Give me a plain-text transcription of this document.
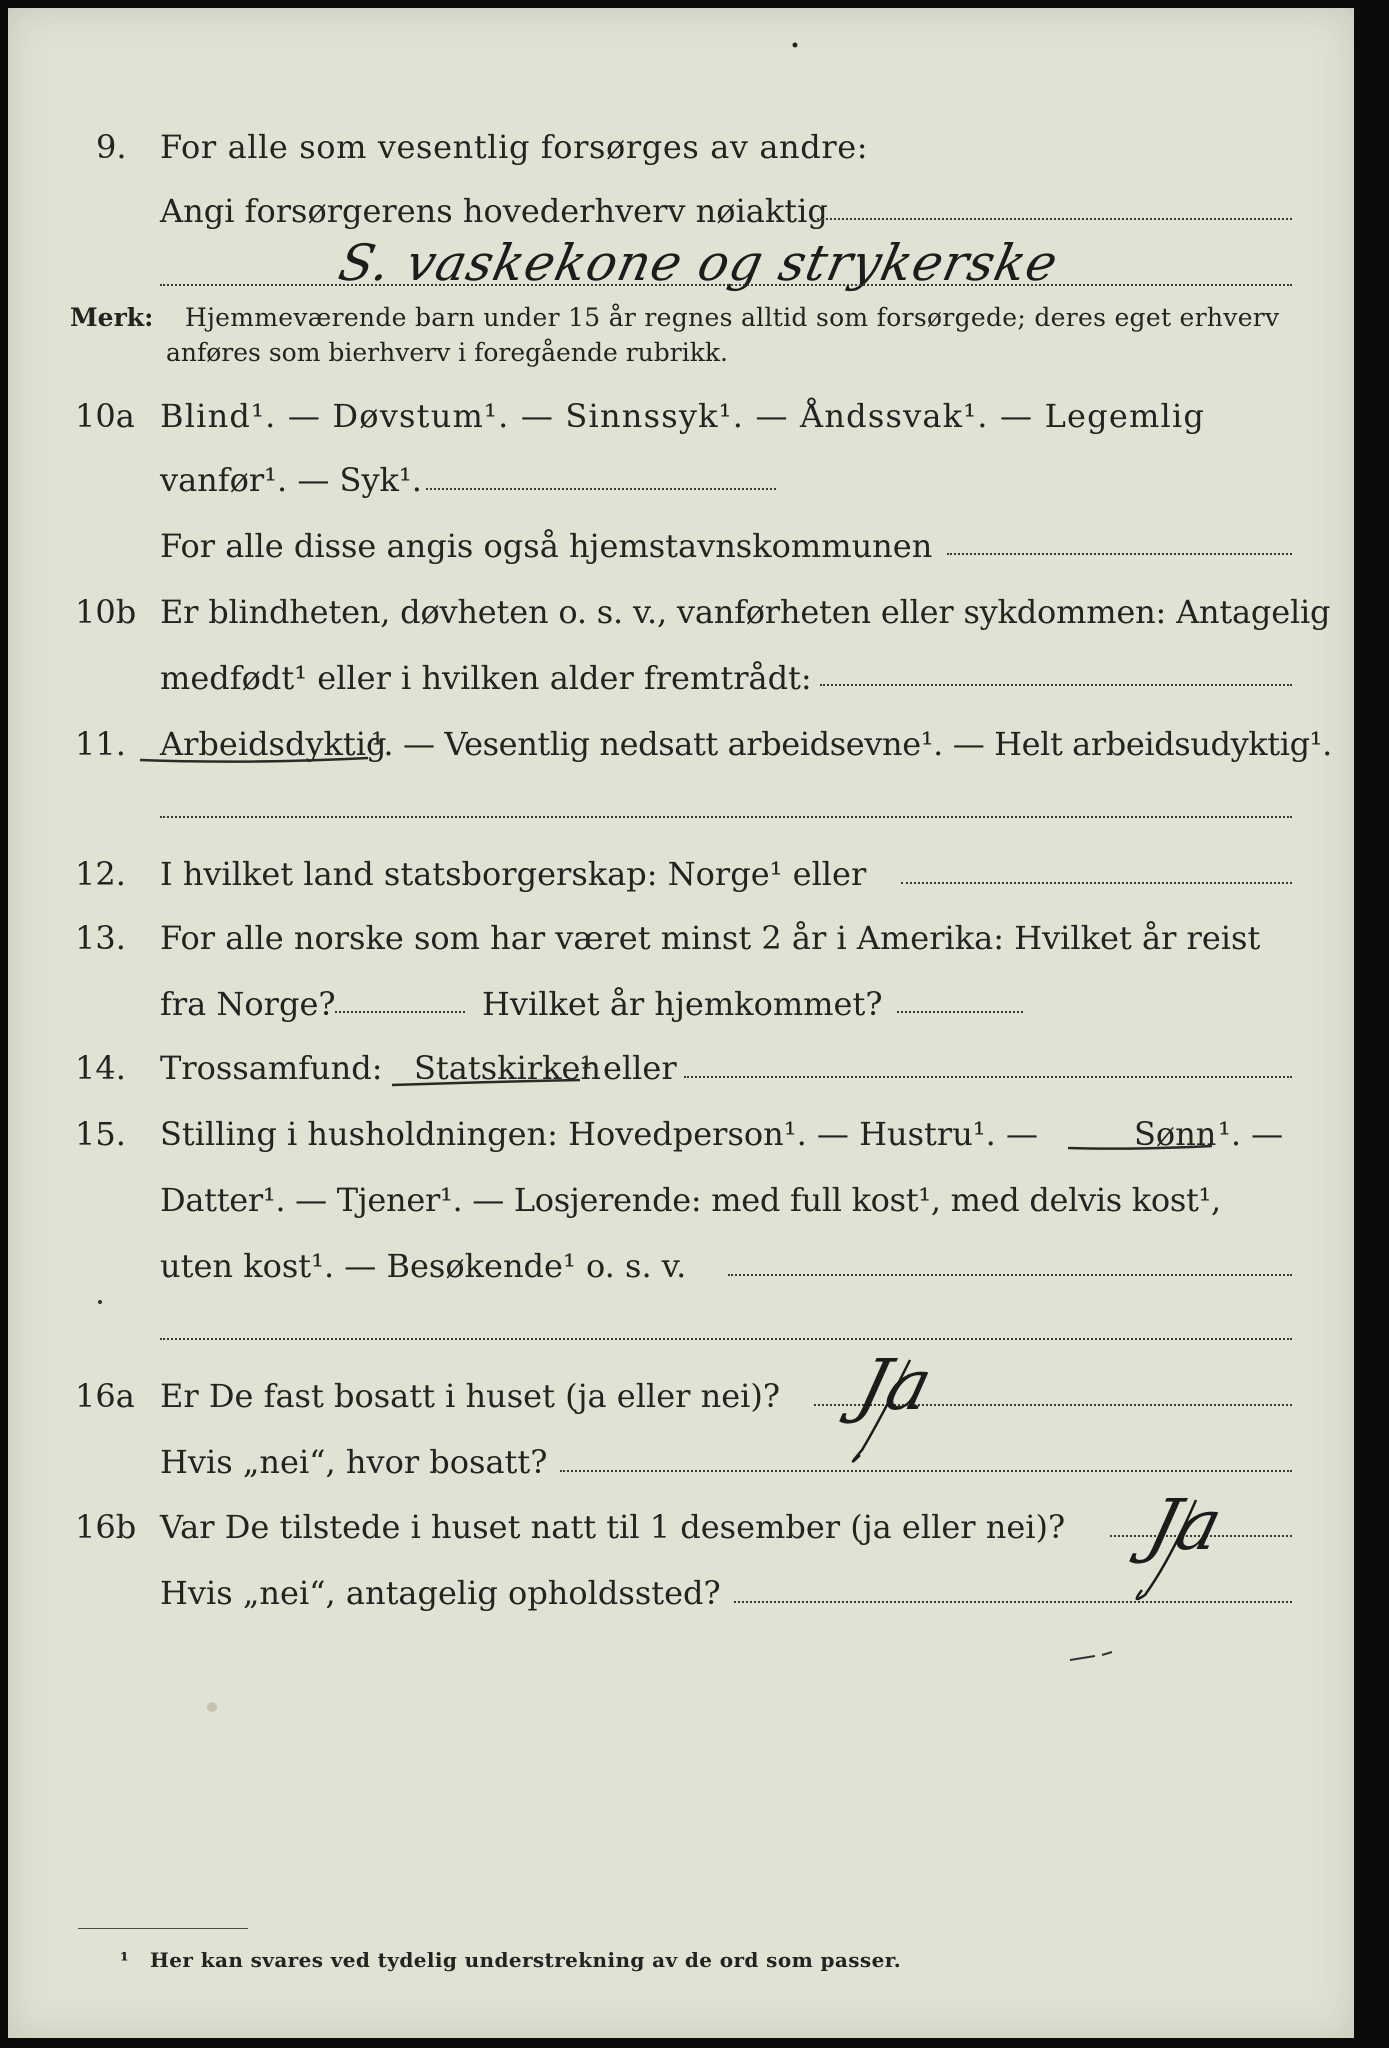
9. For alle som vesentlig forsørges av andre:
Angi forsørgerens hovederhverv nøiaktig
S. vaskekone og strykerske
Merk: Hjemmeværende barn under 15 år regnes alltid som forsørgede; deres eget erhverv
anføres som bierhverv i foregående rubrikk.
10a Blind¹. — Døvstum¹. — Sinnssyk¹. — Åndssvak¹. — Legemlig
vanfør¹. — Syk¹.
For alle disse angis også hjemstavnskommunen
10b Er blindheten, døvheten o. s. v., vanførheten eller sykdommen: Antagelig
medfødt¹ eller i hvilken alder fremtrådt:
11. Arbeidsdyktig
¹. — Vesentlig nedsatt arbeidsevne¹. — Helt arbeidsudyktig¹.
12. I hvilket land statsborgerskap: Norge¹ eller
13. For alle norske som har været minst 2 år i Amerika: Hvilket år reist
fra Norge?	Hvilket år hjemkommet?
14. Trossamfund: Statskirken
¹ eller
15. Stilling i husholdningen: Hovedperson¹. — Hustru¹. —	Sønn ¹. —
Datter¹. — Tjener¹. — Losjerende: med full kost¹, med delvis kost¹,
uten kost¹. — Besøkende¹ o. s. v.
16a Er De fast bosatt i huset (ja eller nei)? Ja
Hvis „nei“, hvor bosatt?
16b Var De tilstede i huset natt til 1 desember (ja eller nei)? Ja
Hvis „nei“, antagelig opholdssted?
¹ Her kan svares ved tydelig understrekning av de ord som passer.
